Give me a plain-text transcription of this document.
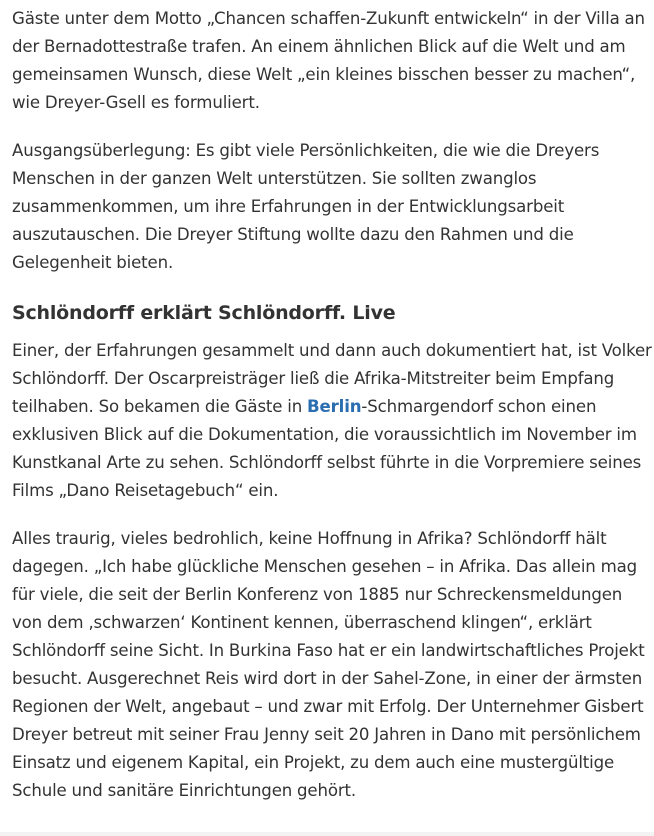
Gäste unter dem Motto „Chancen schaffen-Zukunft entwickeln“ in der Villa an der Bernadottestraße trafen. An einem ähnlichen Blick auf die Welt und am gemeinsamen Wunsch, diese Welt „ein kleines bisschen besser zu machen“, wie Dreyer-Gsell es formuliert.

Ausgangsüberlegung: Es gibt viele Persönlichkeiten, die wie die Dreyers Menschen in der ganzen Welt unterstützen. Sie sollten zwanglos zusammenkommen, um ihre Erfahrungen in der Entwicklungsarbeit auszutauschen. Die Dreyer Stiftung wollte dazu den Rahmen und die Gelegenheit bieten.

Schlöndorff erklärt Schlöndorff. Live

Einer, der Erfahrungen gesammelt und dann auch dokumentiert hat, ist Volker Schlöndorff. Der Oscarpreisträger ließ die Afrika-Mitstreiter beim Empfang teilhaben. So bekamen die Gäste in Berlin-Schmargendorf schon einen exklusiven Blick auf die Dokumentation, die voraussichtlich im November im Kunstkanal Arte zu sehen. Schlöndorff selbst führte in die Vorpremiere seines Films „Dano Reisetagebuch“ ein.

Alles traurig, vieles bedrohlich, keine Hoffnung in Afrika? Schlöndorff hält dagegen. „Ich habe glückliche Menschen gesehen – in Afrika. Das allein mag für viele, die seit der Berlin Konferenz von 1885 nur Schreckensmeldungen von dem ‚schwarzen‘ Kontinent kennen, überraschend klingen“, erklärt Schlöndorff seine Sicht. In Burkina Faso hat er ein landwirtschaftliches Projekt besucht. Ausgerechnet Reis wird dort in der Sahel-Zone, in einer der ärmsten Regionen der Welt, angebaut – und zwar mit Erfolg. Der Unternehmer Gisbert Dreyer betreut mit seiner Frau Jenny seit 20 Jahren in Dano mit persönlichem Einsatz und eigenem Kapital, ein Projekt, zu dem auch eine mustergültige Schule und sanitäre Einrichtungen gehört.
